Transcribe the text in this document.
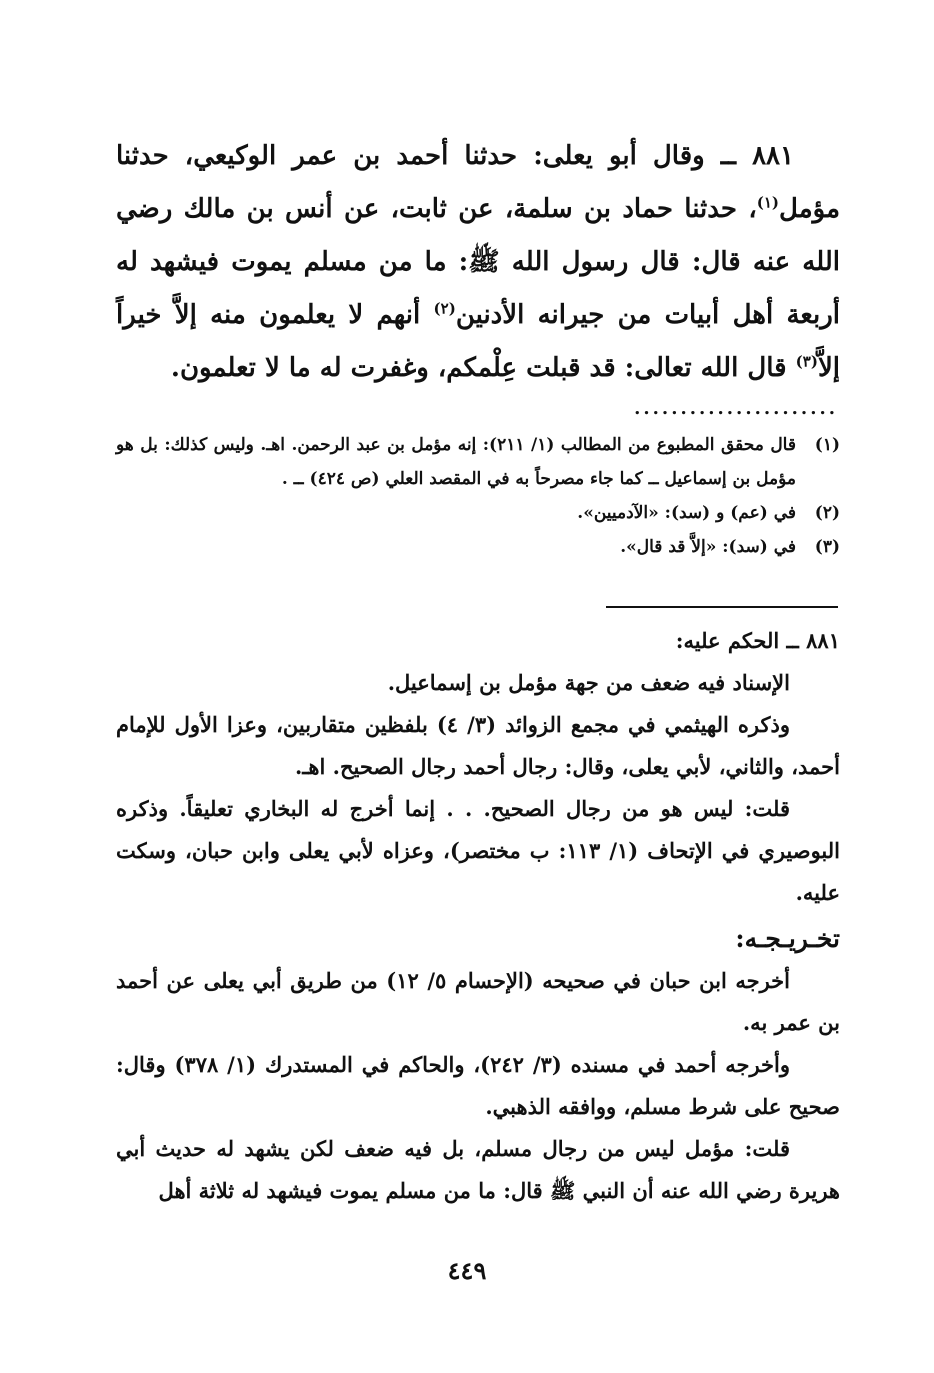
٨٨١ ــ وقال أبو يعلى: حدثنا أحمد بن عمر الوكيعي، حدثنا مؤمل$^{(١)}$، حدثنا حماد بن سلمة، عن ثابت، عن أنس بن مالك رضي الله عنه قال: قال رسول الله ﷺ: ما من مسلم يموت فيشهد له أربعة أهل أبيات من جيرانه الأدنين$^{(٢)}$ أنهم لا يعلمون منه إلاَّ خيراً إلاَّ$^{(٣)}$ قال الله تعالى: قد قبلت عِلْمكم، وغفرت له ما لا تعلمون.

......................

(١)
قال محقق المطبوع من المطالب (١/ ٢١١): إنه مؤمل بن عبد الرحمن. اهـ. وليس كذلك: بل هو مؤمل بن إسماعيل ــ كما جاء مصرحاً به في المقصد العلي (ص ٤٢٤) ــ .

(٢)
في (عم) و (سد): «الآدميين».

(٣)
في (سد): «إلاَّ قد قال».

٨٨١ ــ الحكم عليه:

الإسناد فيه ضعف من جهة مؤمل بن إسماعيل.

وذكره الهيثمي في مجمع الزوائد (٣/ ٤) بلفظين متقاربين، وعزا الأول للإمام أحمد، والثاني، لأبي يعلى، وقال: رجال أحمد رجال الصحيح. اهـ.

قلت: ليس هو من رجال الصحيح. . . إنما أخرج له البخاري تعليقاً. وذكره البوصيري في الإتحاف (١/ ١١٣: ب مختصر)، وعزاه لأبي يعلى وابن حبان، وسكت عليه.

تخـريـجـه:

أخرجه ابن حبان في صحيحه (الإحسام ٥/ ١٢) من طريق أبي يعلى عن أحمد بن عمر به.

وأخرجه أحمد في مسنده (٣/ ٢٤٢)، والحاكم في المستدرك (١/ ٣٧٨) وقال: صحيح على شرط مسلم، ووافقه الذهبي.

قلت: مؤمل ليس من رجال مسلم، بل فيه ضعف لكن يشهد له حديث أبي هريرة رضي الله عنه أن النبي ﷺ قال: ما من مسلم يموت فيشهد له ثلاثة أهل

٤٤٩
